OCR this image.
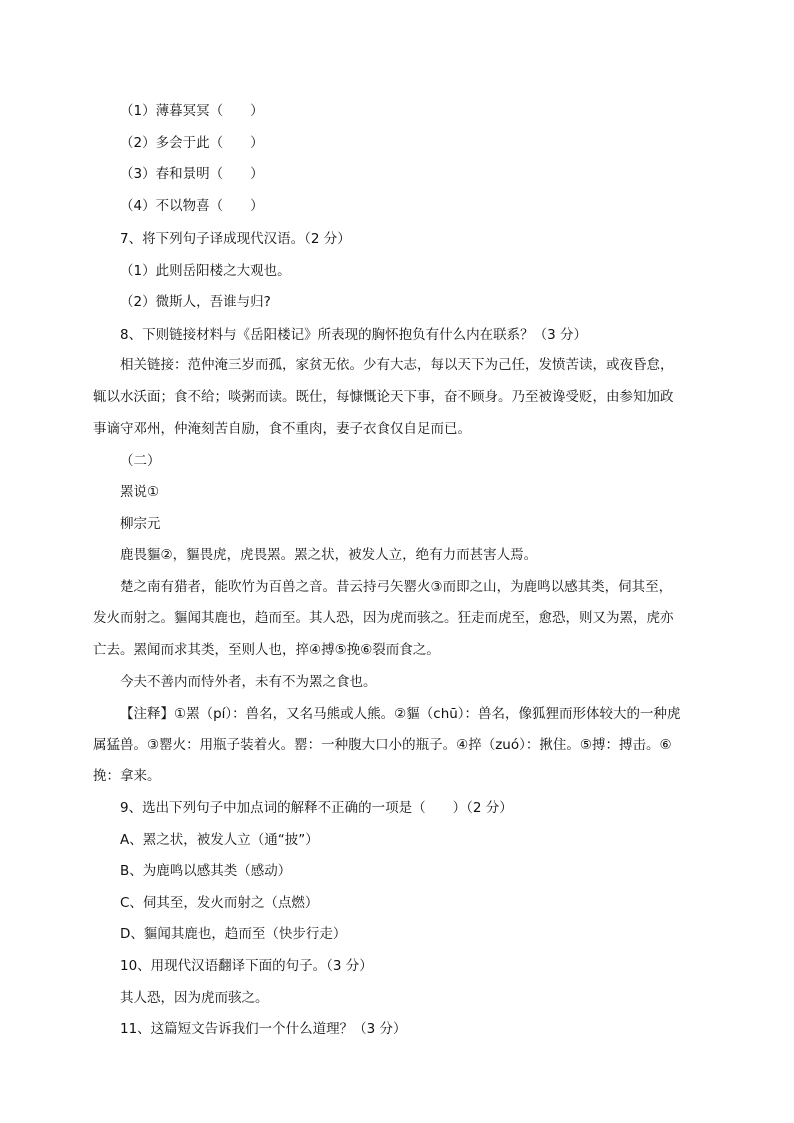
（1）薄暮冥冥（　　）
（2）多会于此（　　）
（3）春和景明（　　）
（4）不以物喜（　　）
7、将下列句子译成现代汉语。（2 分）
（1）此则岳阳楼之大观也。
（2）微斯人，吾谁与归?
8、下则链接材料与《岳阳楼记》所表现的胸怀抱负有什么内在联系？（3 分）
相关链接：范仲淹三岁而孤，家贫无依。少有大志，每以天下为己任，发愤苦读，或夜昏怠，
辄以水沃面；食不给；啖粥而读。既仕，每慷慨论天下事，奋不顾身。乃至被谗受贬，由参知加政
事谪守邓州，仲淹刻苦自励，食不重肉，妻子衣食仅自足而已。
（二）
罴说①
柳宗元
鹿畏貙②，貙畏虎，虎畏罴。罴之状，被发人立，绝有力而甚害人焉。
楚之南有猎者，能吹竹为百兽之音。昔云持弓矢罂火③而即之山，为鹿鸣以感其类，伺其至，
发火而射之。貙闻其鹿也，趋而至。其人恐，因为虎而骇之。狂走而虎至，愈恐，则又为罴，虎亦
亡去。罴闻而求其类，至则人也，捽④搏⑤挽⑥裂而食之。
今夫不善内而恃外者，未有不为罴之食也。
【注释】①罴（pí）：兽名，又名马熊或人熊。②貙（chū）：兽名，像狐狸而形体较大的一种虎
属猛兽。③罂火：用瓶子装着火。罂：一种腹大口小的瓶子。④捽（zuó）：揪住。⑤搏：搏击。⑥
挽：拿来。
9、选出下列句子中加点词的解释不正确的一项是（　　）（2 分）
A、罴之状，被发人立（通“披”）
B、为鹿鸣以感其类（感动）
C、伺其至，发火而射之（点燃）
D、貙闻其鹿也，趋而至（快步行走）
10、用现代汉语翻译下面的句子。（3 分）
其人恐，因为虎而骇之。
11、这篇短文告诉我们一个什么道理？（3 分）
